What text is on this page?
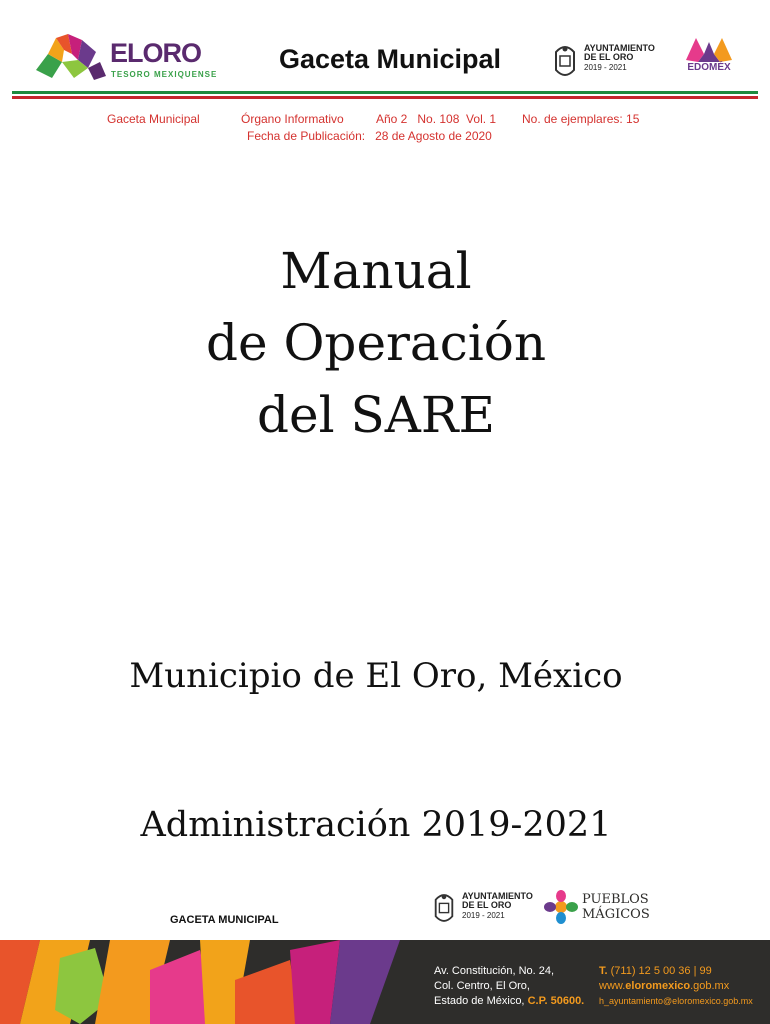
ELORO
TESORO MEXIQUENSE
Gaceta Municipal	AYUNTAMIENTO
DE EL ORO
2019 - 2021	EDOMÉX
Gaceta Municipal	Órgano Informativo	Año 2   No. 108  Vol. 1 No. de ejemplares: 15
Fecha de Publicación:   28 de Agosto de 2020
Manual
de Operación
del SARE
Municipio de El Oro, México
Administración 2019-2021
GACETA MUNICIPAL
AYUNTAMIENTO
DE EL ORO
2019 - 2021
PUEBLOS
MÁGICOS
Av. Constitución, No. 24,
Col. Centro, El Oro,
Estado de México, C.P. 50600.
T. (711) 12 5 00 36 | 99
www.eloromexico.gob.mx
h_ayuntamiento@eloromexico.gob.mx
